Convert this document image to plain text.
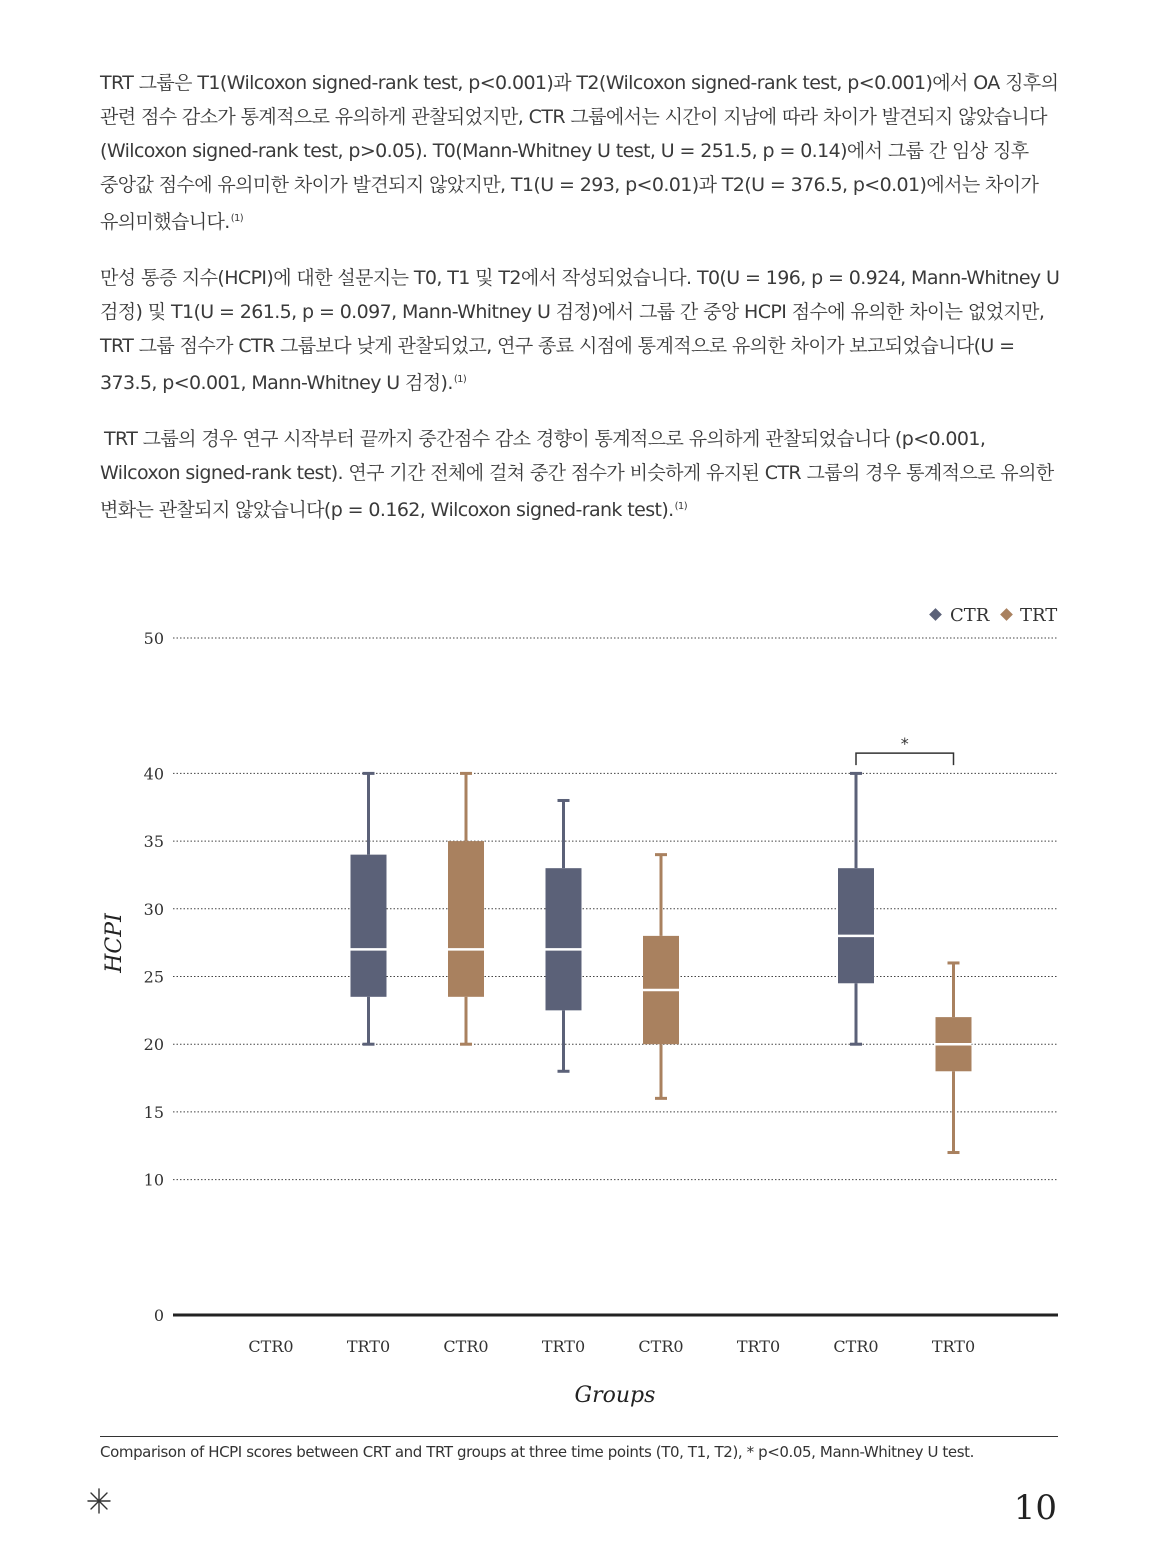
TRT 그룹은 T1(Wilcoxon signed-rank test, p<0.001)과 T2(Wilcoxon signed-rank test, p<0.001)에서 OA 징후의 관련 점수 감소가 통계적으로 유의하게 관찰되었지만, CTR 그룹에서는 시간이 지남에 따라 차이가 발견되지 않았습니다(Wilcoxon signed-rank test, p>0.05). T0(Mann-Whitney U test, U = 251.5, p = 0.14)에서 그룹 간 임상 징후 중앙값 점수에 유의미한 차이가 발견되지 않았지만, T1(U = 293, p<0.01)과 T2(U = 376.5, p<0.01)에서는 차이가 유의미했습니다.$^{(1)}$

만성 통증 지수(HCPI)에 대한 설문지는 T0, T1 및 T2에서 작성되었습니다. T0(U = 196, p = 0.924, Mann-Whitney U 검정) 및 T1(U = 261.5, p = 0.097, Mann-Whitney U 검정)에서 그룹 간 중앙 HCPI 점수에 유의한 차이는 없었지만, TRT 그룹 점수가 CTR 그룹보다 낮게 관찰되었고, 연구 종료 시점에 통계적으로 유의한 차이가 보고되었습니다(U = 373.5, p<0.001, Mann-Whitney U 검정).$^{(1)}$

TRT 그룹의 경우 연구 시작부터 끝까지 중간점수 감소 경향이 통계적으로 유의하게 관찰되었습니다 (p<0.001, Wilcoxon signed-rank test). 연구 기간 전체에 걸쳐 중간 점수가 비슷하게 유지된 CTR 그룹의 경우 통계적으로 유의한 변화는 관찰되지 않았습니다(p = 0.162, Wilcoxon signed-rank test).$^{(1)}$

CTR TRT
0
10
15
20
25
30
35
40
50
CTR0	TRT0	CTR0	TRT0	CTR0	TRT0	CTR0	TRT0
*
HCPI
Groups
Comparison of HCPI scores between CRT and TRT groups at three time points (T0, T1, T2), * p<0.05, Mann-Whitney U test.
10
